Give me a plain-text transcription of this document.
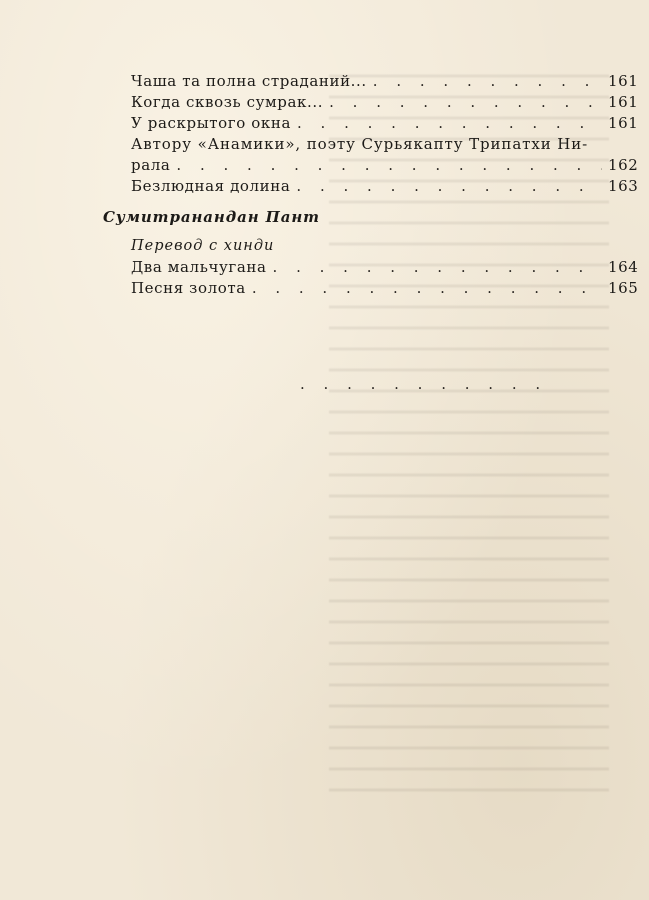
Чаша та полна страданий... . . .	161
Когда сквозь сумрак... . . .	161
У раскрытого окна . . .	161
Автору «Анамики», поэту Сурьякапту Трипатхи Ни-
рала . . .	162
Безлюдная долина . . .	163
Сумитранандан Пант
Перевод с хинди
Два мальчугана . . .	164
Песня золота . . .	165
. . . . . . . . . . .
